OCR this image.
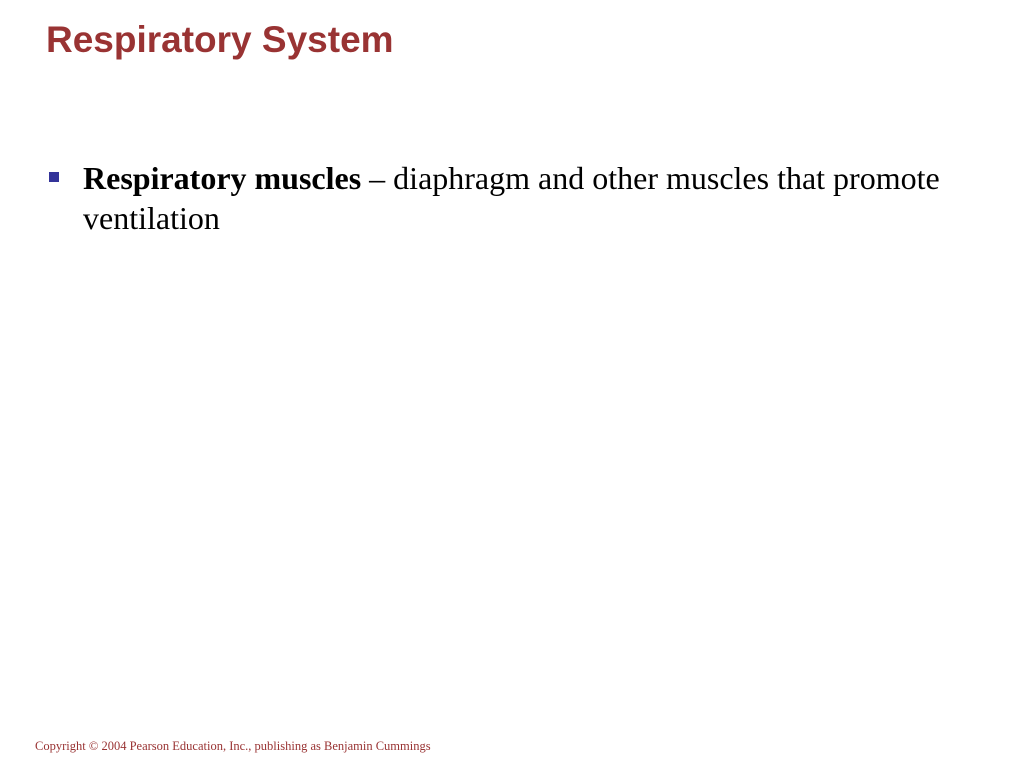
Respiratory System
Respiratory muscles – diaphragm and other muscles that promote ventilation
Copyright © 2004 Pearson Education, Inc., publishing as Benjamin Cummings
